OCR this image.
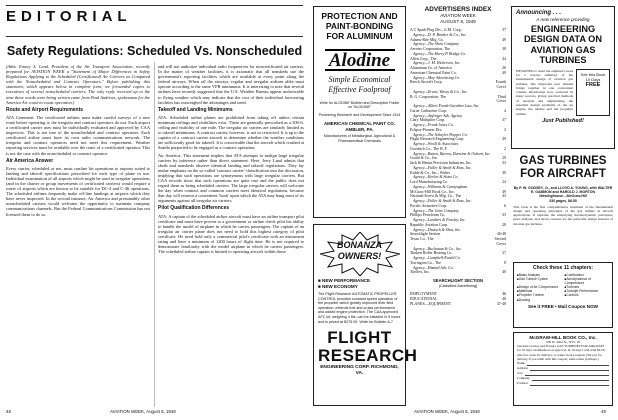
EDITORIAL
Safety Regulations: Scheduled Vs. Nonscheduled

(Adm. Emory S. Land, President of the Air Transport Association, recently prepared for AVIATION WEEK a "Statement of Major Differences in Safety Regulations Applying to the Scheduled (Certificated) Air Carriers as Compared with the Nonscheduled and Contract Operators." Before publishing this statement, which appears below in complete form, we forwarded copies to executives of several nonscheduled carriers. The only reply received up to the time these words were being written came from Paul Andrews, spokesman for the America Air coast-to-coast operation.)

Route and Airport Requirements

ATA Comment: The certificated airlines must make careful surveys of a new route before operating it; the irregular and contract operators do not. Each airport a certificated carrier uses must be individually evaluated and approved by CAA inspectors. This is not true of the nonscheduled and contract operators. Each certificated airline must have its own radio communications network. The irregular and contract operators need not meet this requirement. Weather reporting services must be available over the route of a certificated operator. This is not the case with the nonscheduled or contract operator.

Air America Answer

Every carrier, scheduled or not, must confine his operations to airports suited to landing and takeoff specifications prescribed for each type of plane in use. Individual examination of all airports which might be used in irregular operations (and in the charter or group movements of certificated carriers) would require a roster of airports which are known to be suitable for DC-4 and C-46 operations. The scheduled airlines frequently make off-line landings at airports which they have never inspected. In the second instance, Air America and presumably other nonscheduled carriers would welcome the opportunity to maintain company communications channels. But the Federal Communications Commission has not licensed them to do so.

and will not authorize individual radio frequencies for noncertificated air carriers. In the matter of weather facilities, it is axiomatic that all nonskeds use the government's reporting facilities which are available at every point along the federal airways. When off the airways, regular and irregular airlines alike must operate according to the same VFR minimums. It is interesting to note that several airlines have recently suggested that the U.S. Weather Bureau appear unfavorable to flying weather which may indicate that the cost of their individual forecasting facilities has outweighed the advantages and need.

Takeoff and Landing Minimums

ATA: Scheduled airline planes are prohibited from taking off unless certain minimum ceilings and visibilities exist. These are generally prescribed as a 300-ft. ceiling and visibility of one mile. The irregular air carriers are similarly limited as to takeoff minimums. A contract carrier, however, is not so restricted. It is up to the captain of a contract carrier aircraft to determine whether the weather conditions are sufficiently good for takeoff. It is conceivable that the aircraft which crashed at Seattle purported to be engaged as a contract operation.

Air America: This statement implies that ATA attempts to malign large irregular carriers by inference rather than direct statement. Here, Jerry Land admits that skeds and nonskeds observe identical landing and takeoff regulations. They lay undue emphasis on the so-called 'contract carrier' classification into the discussion, implying that such operations are synonymous with large irregular carriers. But CAA records show that such operations are quite rare and the public does not regard them as being scheduled carriers. The large irregular carriers will welcome the day when contract and common carriers meet identical regulations, because that day will remove a convenient 'hook' upon which the ATA may hang most of its arguments against all irregular air carriers.

Pilot Qualification Differences

ATA: A captain of the scheduled airline aircraft must have an airline transport pilot certificate and must have proven to a government or airline check pilot his ability to handle the model of airplane in which he carries passengers. The captain of an irregular air carrier plane does not need to hold this highest category of pilot certificate. He need hold only a commercial pilot's certificate with an instrument rating and have a minimum of 1200 hours of flight time. He is not required to demonstrate familiarity with the model airplane in which he carries passengers. The scheduled airline captain is limited to operating aircraft within those

48	AVIATION WEEK, August 8, 1949
PROTECTION AND PAINT-BONDING FOR ALUMINUM
Alodine
Simple Economical Effective Foolproof
Write for ALODINE Bulletin and Descriptive Folder on "ALODINE"
Pioneering Research and Development Since 1914
AMERICAN CHEMICAL PAINT CO.
AMBLER, PA.
Manufacturers of Metallurgical, Agricultural & Pharmaceutical Chemicals
BONANZA OWNERS!
■ NEW PERFORMANCE
■ NEW ECONOMY
The Flight Research AUTOMATIC PROPELLER CONTROL provides constant speed operation of the propeller which greatly improved their field operation, extends fuel and cruise performance and added engine protection. The CAA approved AFC kit, weighing 4 lbs. can be installed in 5 hours and is priced at $275.00. Write for Bulletin A-7
FLIGHT RESEARCH
ENGINEERING CORP. RICHMOND, VA.
ADVERTISERS INDEX
AVIATION WEEK
AUGUST 8, 1949
A C Spark Plug Div., G.M. Corp.	37
Agency—D. P. Brother & Co., Inc.
Adams-Rite Mfg. Co.	49
Agency—The Shaw Company
Aerotec Corporation, The	38
Agency—The Harry P. Bridge Co.
Allen Corp., The	44
Agency—J. M. Hickerson, Inc.
Aluminum Co. of America	26
American Chemical Paint Co.	49
Agency—May Advertising Co.
Beech Aircraft Corp.	Fourth Cover
Agency—Erwin, Wasey & Co., Inc.
B. G. Corporation, The	Third Cover
Agency—Albert Frank-Guenther Law, Inc.
Carter Carburetor Corp.	4
Agency—Anfenger Adv. Agency
Clary Multiplier Corp.	37
Agency—Frank Jones Co.
Eclipse-Pioneer Div.	3
Agency—The Schuyler Hopper Co.
Flight Research Engineering Corp.	49
Agency—Woolf & Associates
Goodrich Co., The B. F.	2
Agency—Batten, Barton, Durstine & Osborn, Inc.
Gould & Co., Inc.	29
Jack & Heintz Precision Industries, Inc.	33
Agency—Fuller & Smith & Ross, Inc.
Kidde & Co., Inc., Walter	30
Agency—Keelor & Stites Co.
Lord Manufacturing Co.	24
Agency—Williams & Cunnyngham
McGraw-Hill Book Co., Inc.	49
National Screw & Mfg. Co., The	43
Agency—Fuller & Smith & Ross, Inc.
Pacific Airmotive Corp.	6
Agency—The Gene Company
Phillips Petroleum Co.	33
Agency—Lambert & Feasley, Inc.
Republic Aviation Corp.	28
Agency—Deutsch & Shea, Inc.
Searchlight Section	46-48
Texas Co., The	Second Cover
Agency—Buchanan & Co., Inc.
Timken Roller Bearing Co.	27
Agency—Campbell-Ewald Co.
Torrington Co., The	8
Agency—Hazard Adv. Co.
Titeflex, Inc.	40
SEARCHLIGHT SECTION
(Classified Advertising)
EMPLOYMENT	46
EDUCATIONAL	46
PLANES—EQUIPMENT	47-48
Announcing . . .
A new reference providing
ENGINEERING DESIGN DATA ON AVIATION GAS TURBINES
DESIGNED to meet the engineer's need for a concise summary of the fundamental design of aviation gas turbines, this important new manual brings together in one convenient volume information now scattered in many sources, giving practical methods of analysis and emphasizing the essential design problems of the jet engine, the turbine and the propeller turbine.
See this Book
10 Days
FREE
Just Published!
GAS TURBINES FOR AIRCRAFT
By P. W. GODSEY, Jr., and LLOYD A. YOUNG, with WALTER E. GAMMON and HAROLD J. MORTON
Westinghouse—McGraw-Hill
330 pages, $6.50
This book is the first comprehensive treatment of the fundamental design and operating principles of the gas turbine in aircraft applications. It explains the underlying thermodynamic principles, gives analysis, and shows reasons for the particular design features of aviation gas turbines.
Check these 11 chapters:
■ Basic Analysis	■ Combustion
■ Gas Turbine Cycles	■ Aerodynamics of Compressors
■ Design of Air Compressors	■ Turbines
■ Materials	■ Turbojet Performance
■ Propeller Turbine	■ Controls
■ Ducting
See it FREE • Mail Coupon NOW
McGRAW-HILL BOOK CO., Inc.
330 W. 42nd St., NYC 18
Send me Godsey and Young's GAS TURBINES FOR AIRCRAFT for 10 days' examination on approval. In 10 days I will send $6.50, plus few cents for delivery, or return book postpaid. (We pay for delivery if you remit with this coupon; same return privilege.)
Name
Address
City
Company
Position
AVIATION WEEK, August 8, 1949	49
